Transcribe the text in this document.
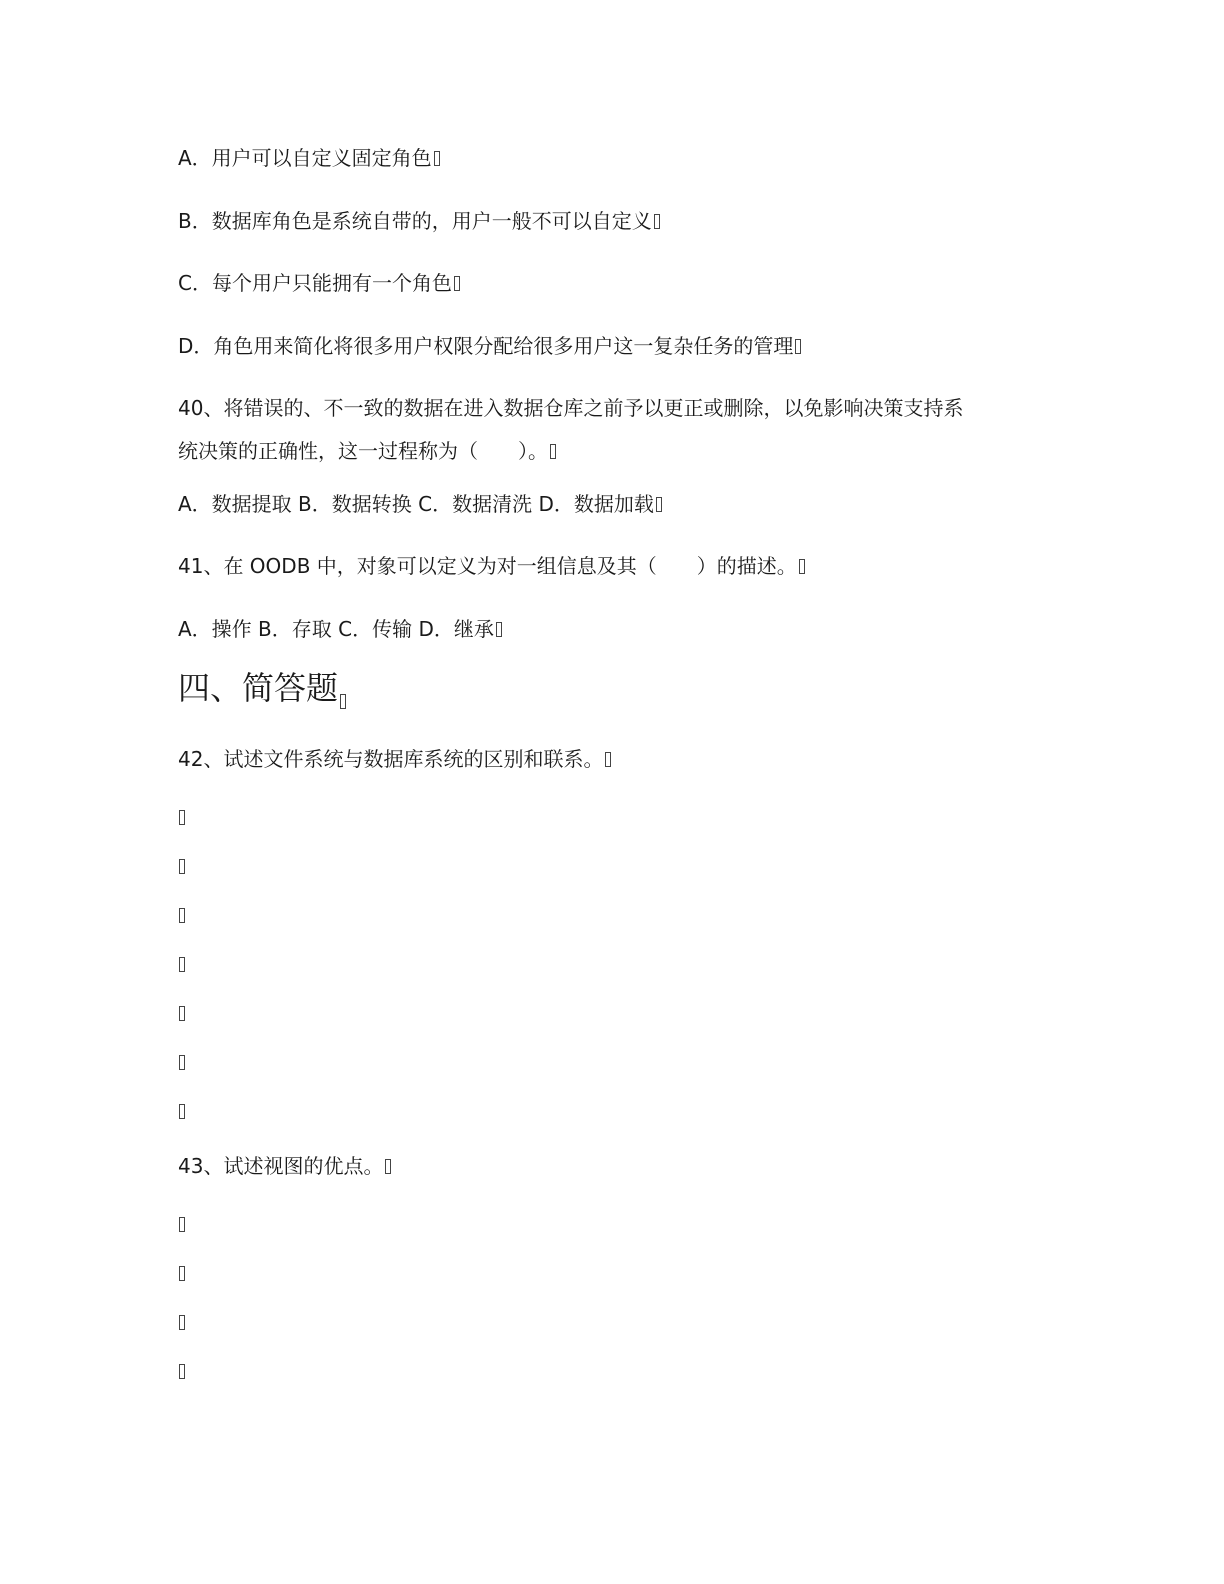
A．用户可以自定义固定角色
B．数据库角色是系统自带的，用户一般不可以自定义
C．每个用户只能拥有一个角色
D．角色用来简化将很多用户权限分配给很多用户这一复杂任务的管理
40、将错误的、不一致的数据在进入数据仓库之前予以更正或删除，以免影响决策支持系
统决策的正确性，这一过程称为（　　）。
A．数据提取 B．数据转换 C．数据清洗 D．数据加载
41、在 OODB 中，对象可以定义为对一组信息及其（　　）的描述。
A．操作 B．存取 C．传输 D．继承
四、简答题
42、试述文件系统与数据库系统的区别和联系。
43、试述视图的优点。
